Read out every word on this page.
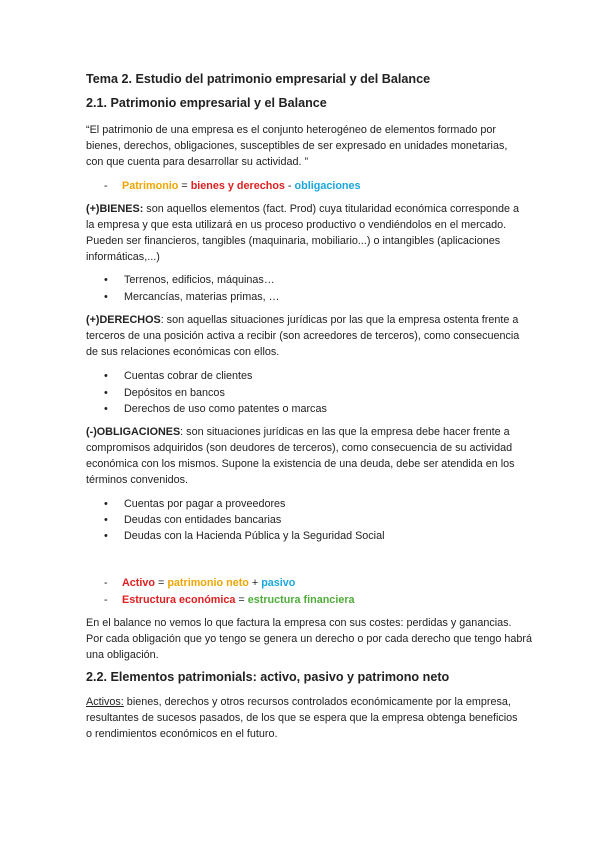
Tema 2. Estudio del patrimonio empresarial y del Balance
2.1. Patrimonio empresarial y el Balance
“El patrimonio de una empresa es el conjunto heterogéneo de elementos formado por
bienes, derechos, obligaciones, susceptibles de ser expresado en unidades monetarias,
con que cuenta para desarrollar su actividad. ”
- Patrimonio = bienes y derechos - obligaciones
(+)BIENES: son aquellos elementos (fact. Prod) cuya titularidad económica corresponde a
la empresa y que esta utilizará en us proceso productivo o vendiéndolos en el mercado.
Pueden ser financieros, tangibles (maquinaria, mobiliario...) o intangibles (aplicaciones
informáticas,...)
• Terrenos, edificios, máquinas…
• Mercancías, materias primas, …
(+)DERECHOS: son aquellas situaciones jurídicas por las que la empresa ostenta frente a
terceros de una posición activa a recibir (son acreedores de terceros), como consecuencia
de sus relaciones económicas con ellos.
• Cuentas cobrar de clientes
• Depósitos en bancos
• Derechos de uso como patentes o marcas
(-)OBLIGACIONES: son situaciones jurídicas en las que la empresa debe hacer frente a
compromisos adquiridos (son deudores de terceros), como consecuencia de su actividad
económica con los mismos. Supone la existencia de una deuda, debe ser atendida en los
términos convenidos.
• Cuentas por pagar a proveedores
• Deudas con entidades bancarias
• Deudas con la Hacienda Pública y la Seguridad Social
- Activo = patrimonio neto + pasivo
- Estructura económica = estructura financiera
En el balance no vemos lo que factura la empresa con sus costes: perdidas y ganancias.
Por cada obligación que yo tengo se genera un derecho o por cada derecho que tengo habrá
una obligación.
2.2. Elementos patrimonials: activo, pasivo y patrimono neto
Activos: bienes, derechos y otros recursos controlados económicamente por la empresa,
resultantes de sucesos pasados, de los que se espera que la empresa obtenga beneficios
o rendimientos económicos en el futuro.
